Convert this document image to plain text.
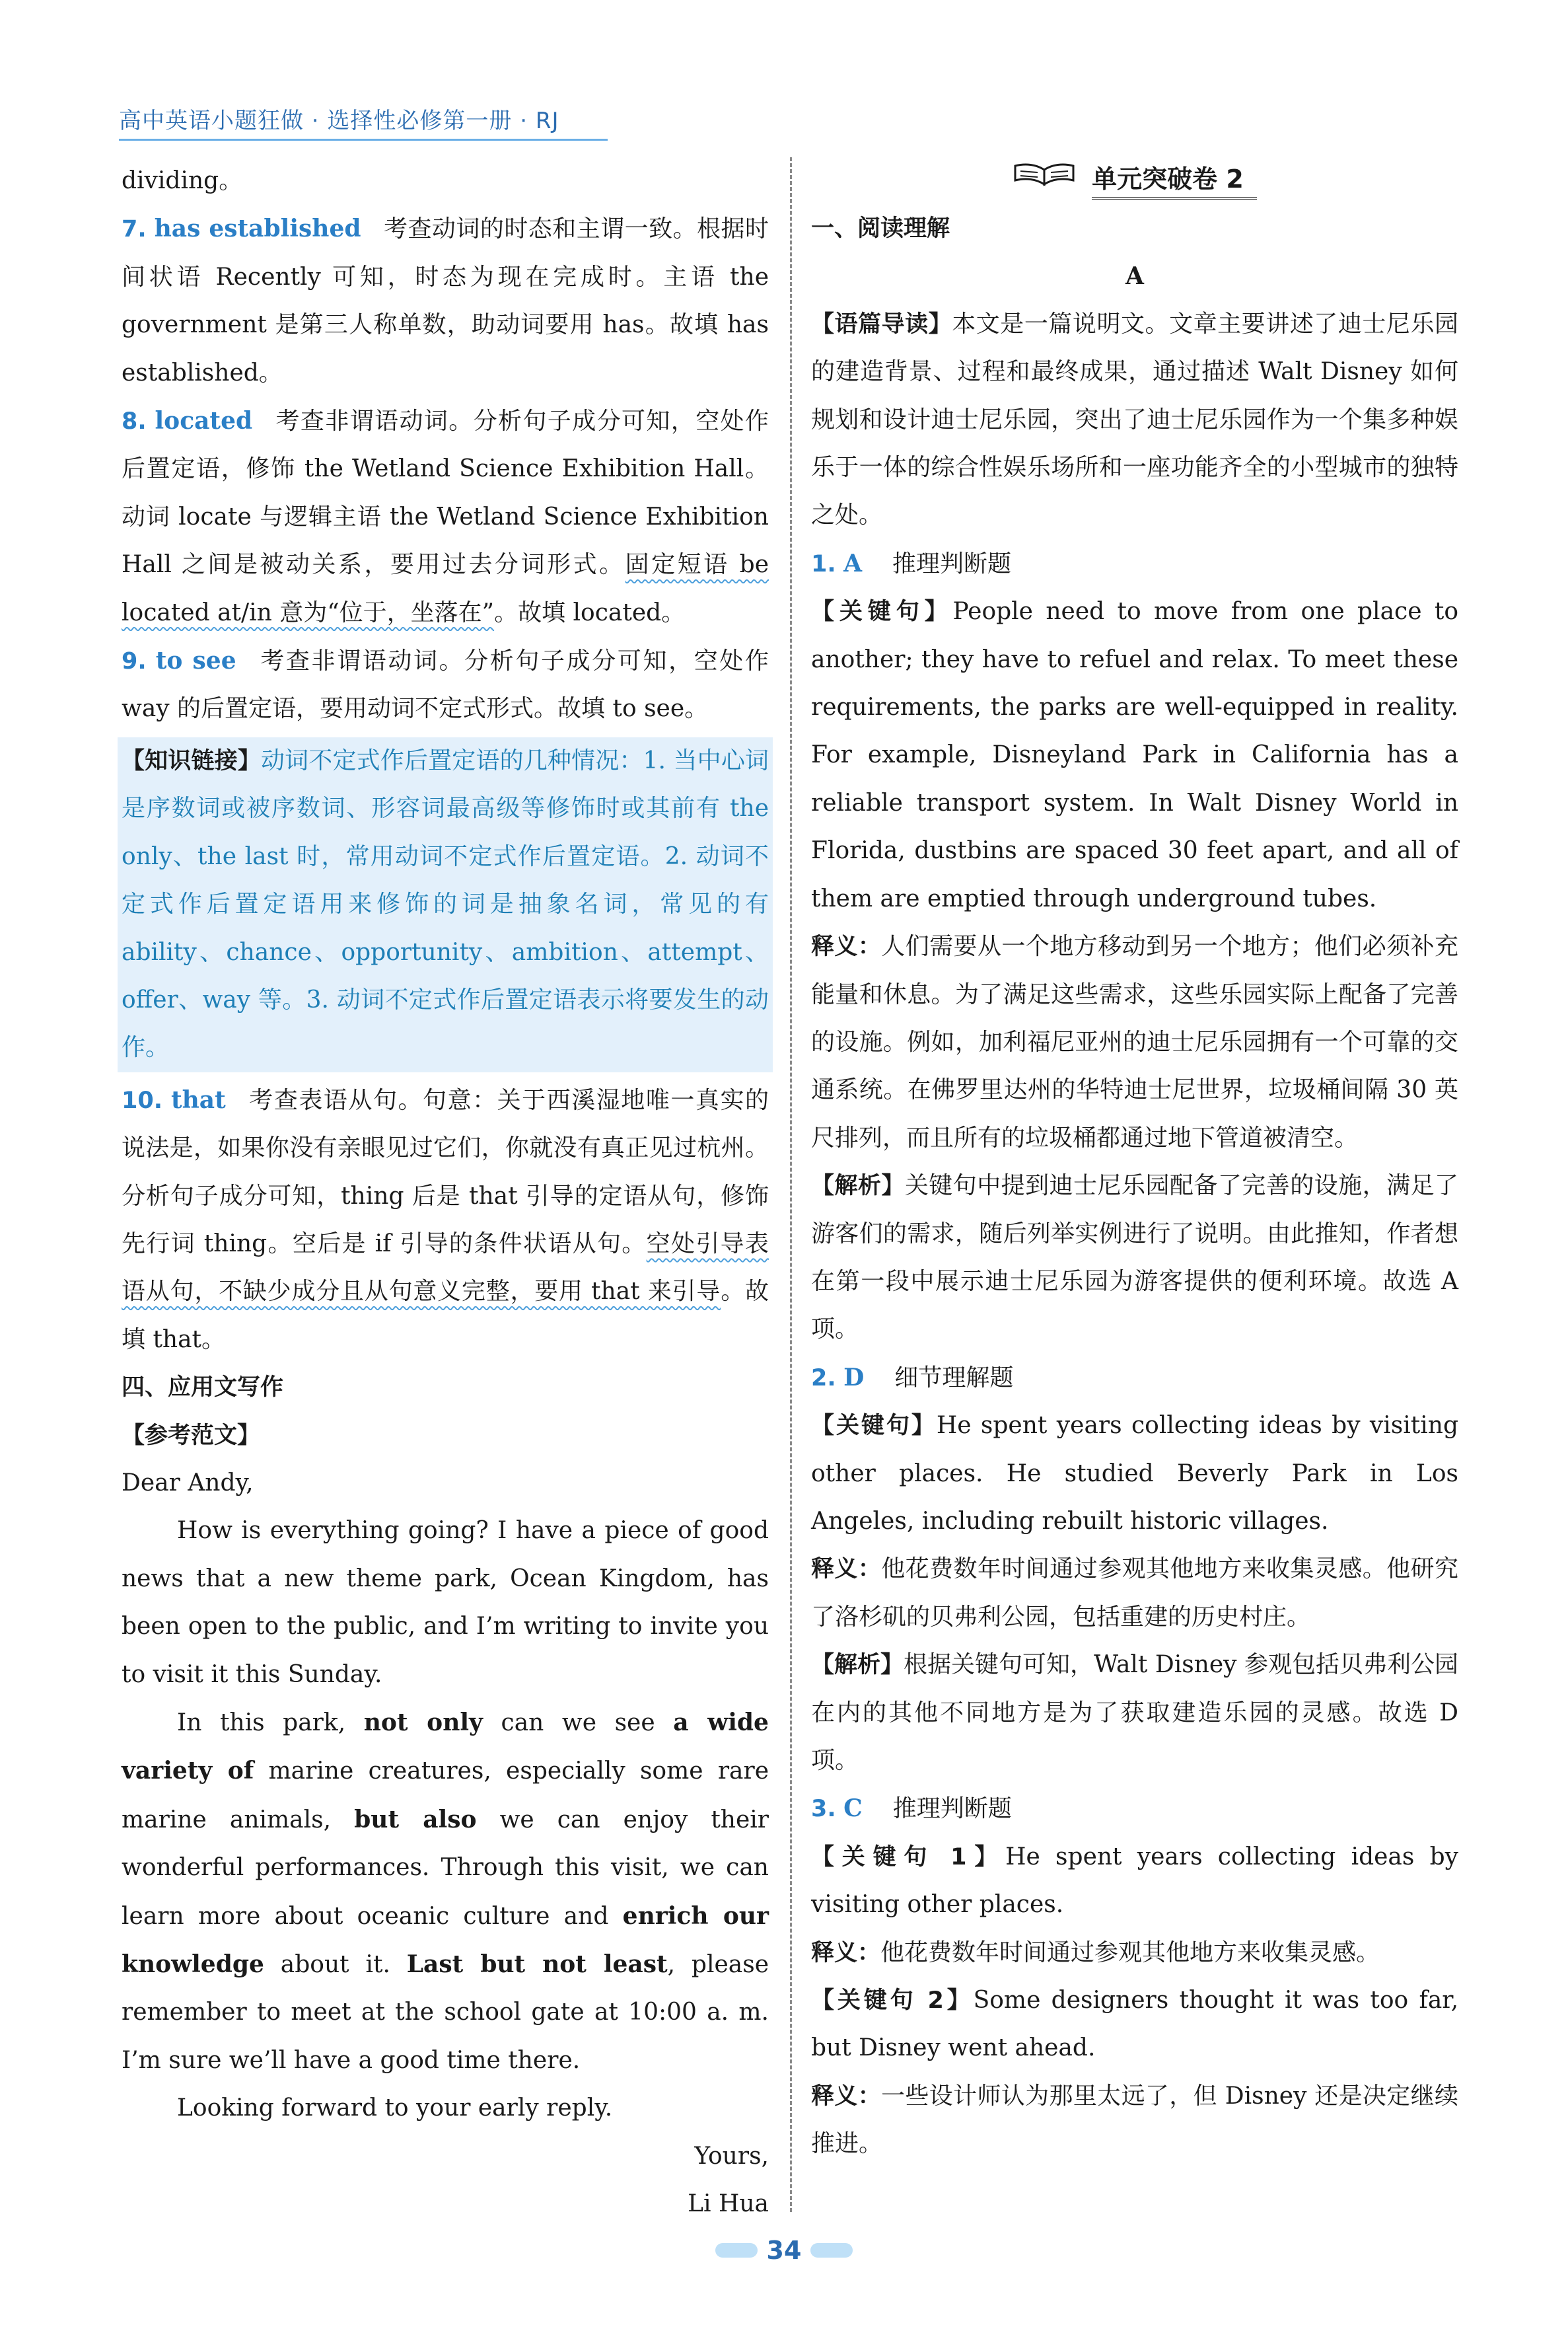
高中英语小题狂做 · 选择性必修第一册 · RJ

dividing。

7. has established 考查动词的时态和主谓一致。根据时间状语 Recently 可知，时态为现在完成时。主语 the government 是第三人称单数，助动词要用 has。故填 has established。

8. located 考查非谓语动词。分析句子成分可知，空处作后置定语，修饰 the Wetland Science Exhibition Hall。动词 locate 与逻辑主语 the Wetland Science Exhibition Hall 之间是被动关系，要用过去分词形式。固定短语 be located at/in 意为“位于，坐落在”。故填 located。

9. to see 考查非谓语动词。分析句子成分可知，空处作 way 的后置定语，要用动词不定式形式。故填 to see。

【知识链接】动词不定式作后置定语的几种情况：1. 当中心词是序数词或被序数词、形容词最高级等修饰时或其前有 the only、the last 时，常用动词不定式作后置定语。2. 动词不定式作后置定语用来修饰的词是抽象名词，常见的有 ability、chance、opportunity、ambition、attempt、offer、way 等。3. 动词不定式作后置定语表示将要发生的动作。

10. that 考查表语从句。句意：关于西溪湿地唯一真实的说法是，如果你没有亲眼见过它们，你就没有真正见过杭州。分析句子成分可知，thing 后是 that 引导的定语从句，修饰先行词 thing。空后是 if 引导的条件状语从句。空处引导表语从句，不缺少成分且从句意义完整，要用 that 来引导。故填 that。

四、应用文写作

【参考范文】

Dear Andy,

How is everything going? I have a piece of good news that a new theme park, Ocean Kingdom, has been open to the public, and I’m writing to invite you to visit it this Sunday.

In this park, not only can we see a wide variety of marine creatures, especially some rare marine animals, but also we can enjoy their wonderful performances. Through this visit, we can learn more about oceanic culture and enrich our knowledge about it. Last but not least, please remember to meet at the school gate at 10:00 a. m. I’m sure we’ll have a good time there.

Looking forward to your early reply.

Yours,

Li Hua

单元突破卷 2

一、阅读理解

A

【语篇导读】本文是一篇说明文。文章主要讲述了迪士尼乐园的建造背景、过程和最终成果，通过描述 Walt Disney 如何规划和设计迪士尼乐园，突出了迪士尼乐园作为一个集多种娱乐于一体的综合性娱乐场所和一座功能齐全的小型城市的独特之处。

1. A 推理判断题

【关键句】People need to move from one place to another; they have to refuel and relax. To meet these requirements, the parks are well-equipped in reality. For example, Disneyland Park in California has a reliable transport system. In Walt Disney World in Florida, dustbins are spaced 30 feet apart, and all of them are emptied through underground tubes.

释义：人们需要从一个地方移动到另一个地方；他们必须补充能量和休息。为了满足这些需求，这些乐园实际上配备了完善的设施。例如，加利福尼亚州的迪士尼乐园拥有一个可靠的交通系统。在佛罗里达州的华特迪士尼世界，垃圾桶间隔 30 英尺排列，而且所有的垃圾桶都通过地下管道被清空。

【解析】关键句中提到迪士尼乐园配备了完善的设施，满足了游客们的需求，随后列举实例进行了说明。由此推知，作者想在第一段中展示迪士尼乐园为游客提供的便利环境。故选 A 项。

2. D 细节理解题

【关键句】He spent years collecting ideas by visiting other places. He studied Beverly Park in Los Angeles, including rebuilt historic villages.

释义：他花费数年时间通过参观其他地方来收集灵感。他研究了洛杉矶的贝弗利公园，包括重建的历史村庄。

【解析】根据关键句可知，Walt Disney 参观包括贝弗利公园在内的其他不同地方是为了获取建造乐园的灵感。故选 D 项。

3. C 推理判断题

【关键句 1】He spent years collecting ideas by visiting other places.

释义：他花费数年时间通过参观其他地方来收集灵感。

【关键句 2】Some designers thought it was too far, but Disney went ahead.

释义：一些设计师认为那里太远了，但 Disney 还是决定继续推进。

34
